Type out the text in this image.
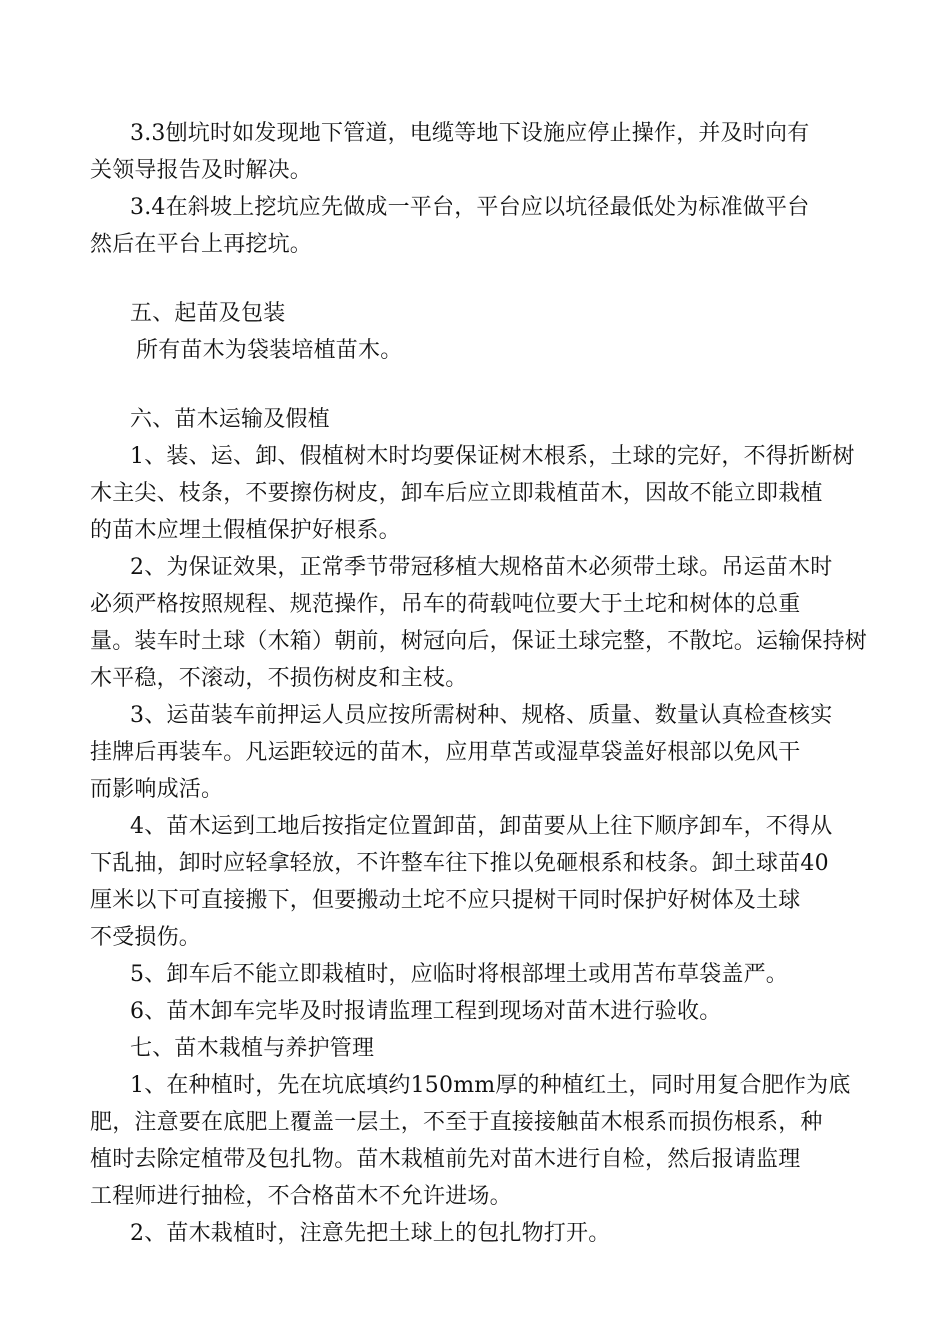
3.3刨坑时如发现地下管道，电缆等地下设施应停止操作，并及时向有
关领导报告及时解决。
3.4在斜坡上挖坑应先做成一平台，平台应以坑径最低处为标准做平台
然后在平台上再挖坑。
五、起苗及包装
所有苗木为袋装培植苗木。
六、苗木运输及假植
1、装、运、卸、假植树木时均要保证树木根系，土球的完好，不得折断树
木主尖、枝条，不要擦伤树皮，卸车后应立即栽植苗木，因故不能立即栽植
的苗木应埋土假植保护好根系。
2、为保证效果，正常季节带冠移植大规格苗木必须带土球。吊运苗木时
必须严格按照规程、规范操作，吊车的荷载吨位要大于土坨和树体的总重
量。装车时土球（木箱）朝前，树冠向后，保证土球完整，不散坨。运输保持树
木平稳，不滚动，不损伤树皮和主枝。
3、运苗装车前押运人员应按所需树种、规格、质量、数量认真检查核实
挂牌后再装车。凡运距较远的苗木，应用草苫或湿草袋盖好根部以免风干
而影响成活。
4、苗木运到工地后按指定位置卸苗，卸苗要从上往下顺序卸车，不得从
下乱抽，卸时应轻拿轻放，不许整车往下推以免砸根系和枝条。卸土球苗40
厘米以下可直接搬下，但要搬动土坨不应只提树干同时保护好树体及土球
不受损伤。
5、卸车后不能立即栽植时，应临时将根部埋土或用苫布草袋盖严。
6、苗木卸车完毕及时报请监理工程到现场对苗木进行验收。
七、苗木栽植与养护管理
1、在种植时，先在坑底填约150mm厚的种植红土，同时用复合肥作为底
肥，注意要在底肥上覆盖一层土，不至于直接接触苗木根系而损伤根系，种
植时去除定植带及包扎物。苗木栽植前先对苗木进行自检，然后报请监理
工程师进行抽检，不合格苗木不允许进场。
2、苗木栽植时，注意先把土球上的包扎物打开。
